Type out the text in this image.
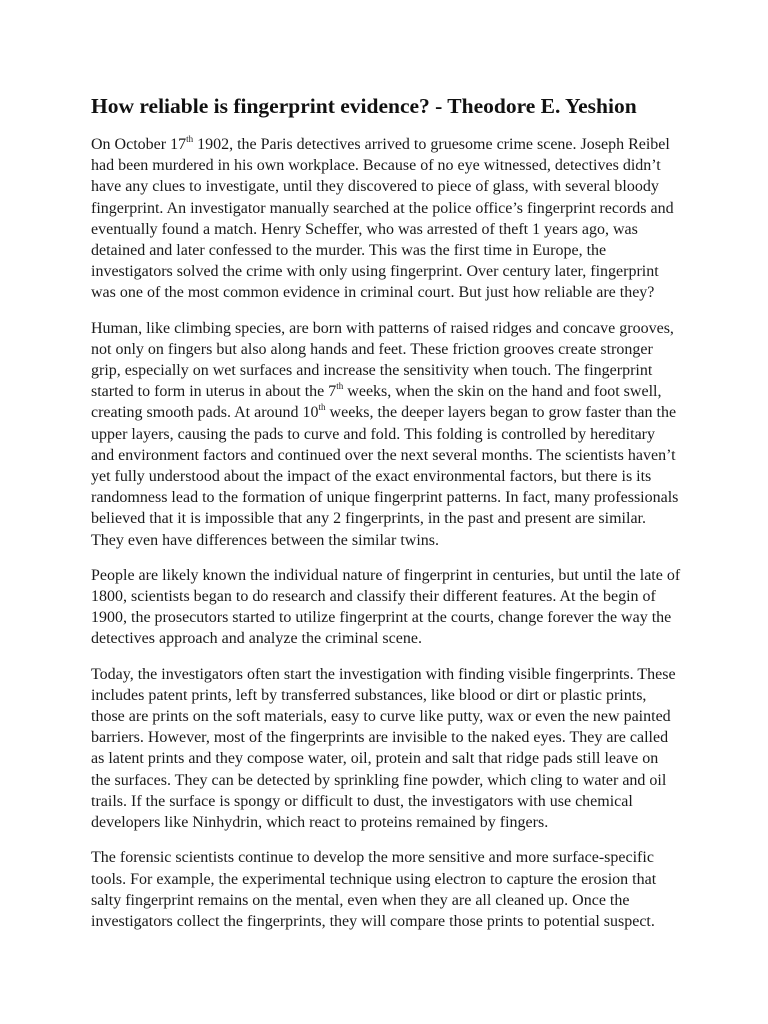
How reliable is fingerprint evidence? - Theodore E. Yeshion

On October 17th 1902, the Paris detectives arrived to gruesome crime scene. Joseph Reibel had been murdered in his own workplace. Because of no eye witnessed, detectives didn’t have any clues to investigate, until they discovered to piece of glass, with several bloody fingerprint. An investigator manually searched at the police office’s fingerprint records and eventually found a match. Henry Scheffer, who was arrested of theft 1 years ago, was detained and later confessed to the murder. This was the first time in Europe, the investigators solved the crime with only using fingerprint. Over century later, fingerprint was one of the most common evidence in criminal court. But just how reliable are they?

Human, like climbing species, are born with patterns of raised ridges and concave grooves, not only on fingers but also along hands and feet. These friction grooves create stronger grip, especially on wet surfaces and increase the sensitivity when touch. The fingerprint started to form in uterus in about the 7th weeks, when the skin on the hand and foot swell, creating smooth pads. At around 10th weeks, the deeper layers began to grow faster than the upper layers, causing the pads to curve and fold. This folding is controlled by hereditary and environment factors and continued over the next several months. The scientists haven’t yet fully understood about the impact of the exact environmental factors, but there is its randomness lead to the formation of unique fingerprint patterns. In fact, many professionals believed that it is impossible that any 2 fingerprints, in the past and present are similar. They even have differences between the similar twins.

People are likely known the individual nature of fingerprint in centuries, but until the late of 1800, scientists began to do research and classify their different features. At the begin of 1900, the prosecutors started to utilize fingerprint at the courts, change forever the way the detectives approach and analyze the criminal scene.

Today, the investigators often start the investigation with finding visible fingerprints. These includes patent prints, left by transferred substances, like blood or dirt or plastic prints, those are prints on the soft materials, easy to curve like putty, wax or even the new painted barriers. However, most of the fingerprints are invisible to the naked eyes. They are called as latent prints and they compose water, oil, protein and salt that ridge pads still leave on the surfaces. They can be detected by sprinkling fine powder, which cling to water and oil trails. If the surface is spongy or difficult to dust, the investigators with use chemical developers like Ninhydrin, which react to proteins remained by fingers.

The forensic scientists continue to develop the more sensitive and more surface-specific tools. For example, the experimental technique using electron to capture the erosion that salty fingerprint remains on the mental, even when they are all cleaned up. Once the investigators collect the fingerprints, they will compare those prints to potential suspect.
